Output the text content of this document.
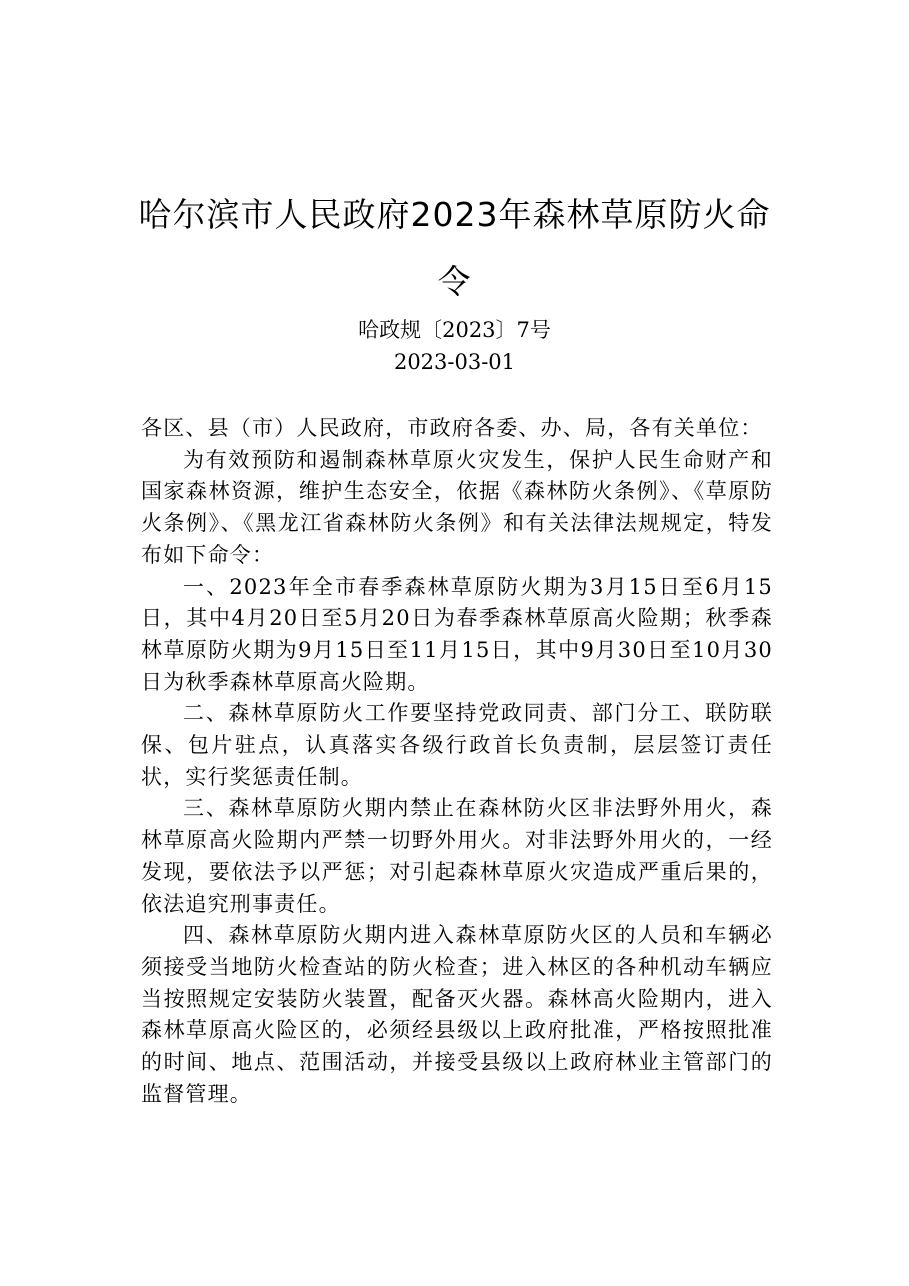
哈尔滨市人民政府2023年森林草原防火命
令
哈政规〔2023〕7号
2023-03-01

各区、县（市）人民政府，市政府各委、办、局，各有关单位：

为有效预防和遏制森林草原火灾发生，保护人民生命财产和国家森林资源，维护生态安全，依据《森林防火条例》、《草原防火条例》、《黑龙江省森林防火条例》和有关法律法规规定，特发布如下命令：

一、2023年全市春季森林草原防火期为3月15日至6月15日，其中4月20日至5月20日为春季森林草原高火险期；秋季森林草原防火期为9月15日至11月15日，其中9月30日至10月30日为秋季森林草原高火险期。

二、森林草原防火工作要坚持党政同责、部门分工、联防联保、包片驻点，认真落实各级行政首长负责制，层层签订责任状，实行奖惩责任制。

三、森林草原防火期内禁止在森林防火区非法野外用火，森林草原高火险期内严禁一切野外用火。对非法野外用火的，一经发现，要依法予以严惩；对引起森林草原火灾造成严重后果的，依法追究刑事责任。

四、森林草原防火期内进入森林草原防火区的人员和车辆必须接受当地防火检查站的防火检查；进入林区的各种机动车辆应当按照规定安装防火装置，配备灭火器。森林高火险期内，进入森林草原高火险区的，必须经县级以上政府批准，严格按照批准的时间、地点、范围活动，并接受县级以上政府林业主管部门的监督管理。
